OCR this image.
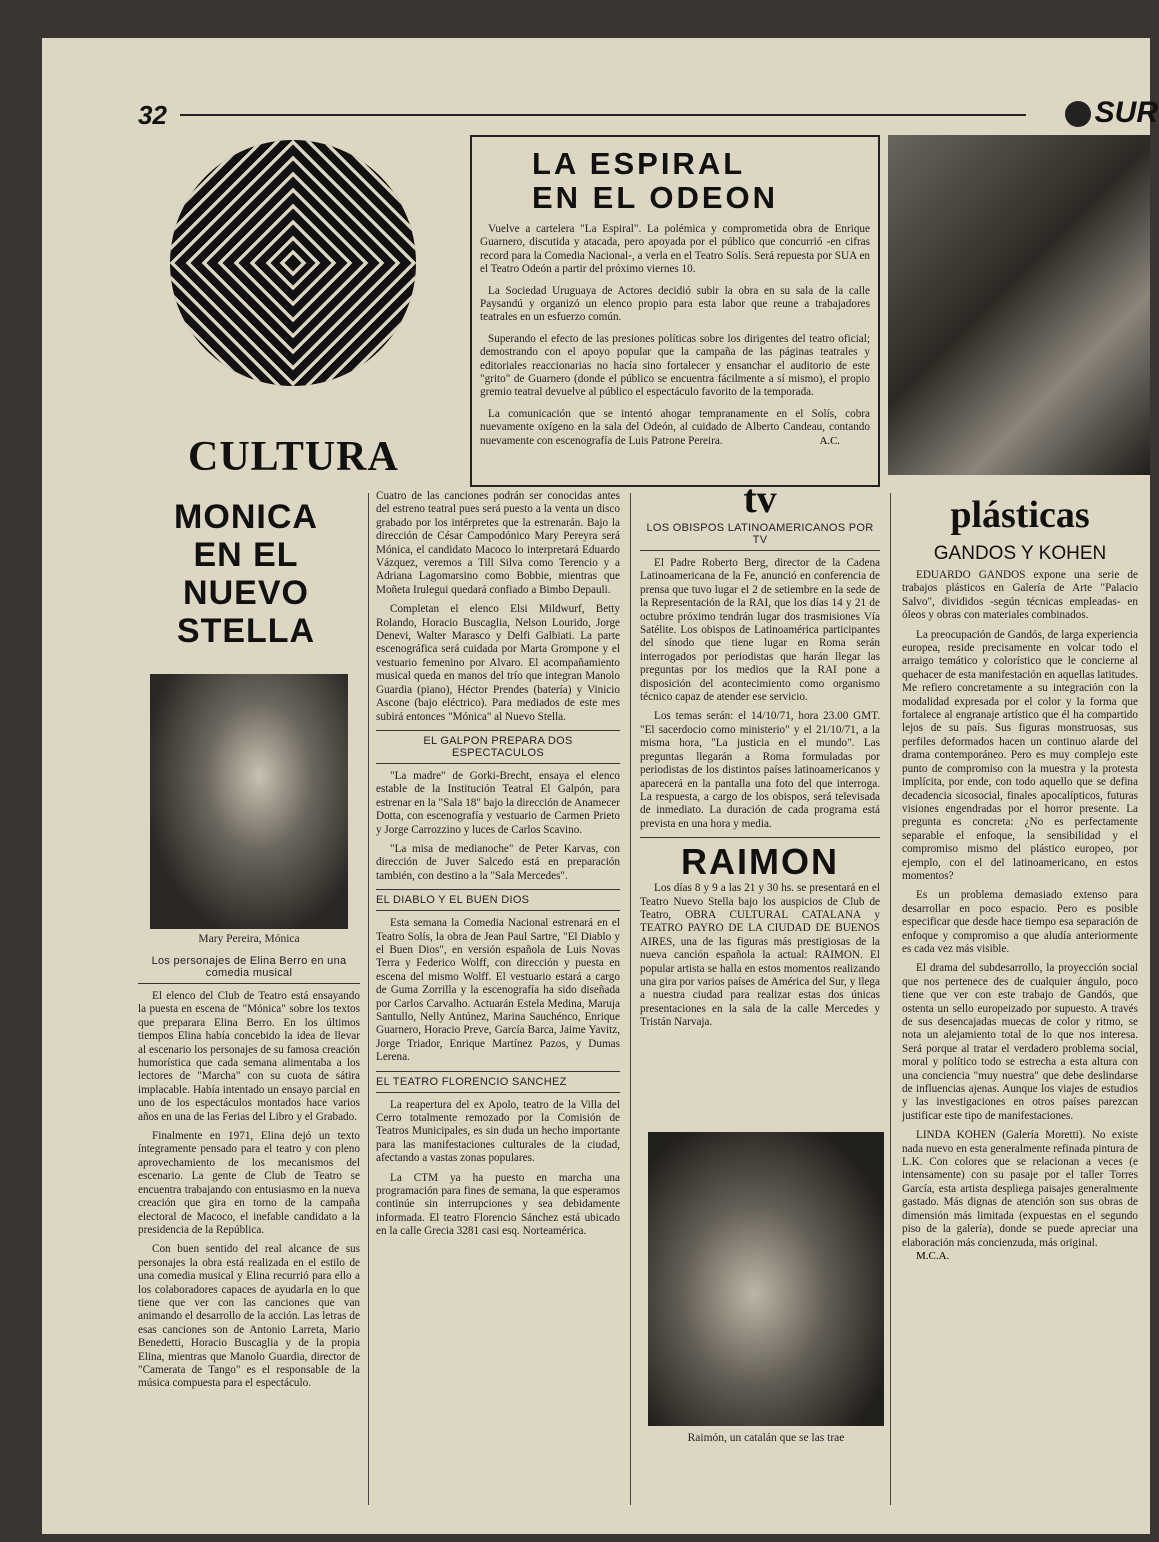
32	SUR
CULTURA
LA ESPIRAL
EN EL ODEON

Vuelve a cartelera "La Espiral". La polémica y comprometida obra de Enrique Guarnero, discutida y atacada, pero apoyada por el público que concurrió -en cifras record para la Comedia Nacional-, a verla en el Teatro Solís. Será repuesta por SUA en el Teatro Odeón a partir del próximo viernes 10.

La Sociedad Uruguaya de Actores decidió subir la obra en su sala de la calle Paysandú y organizó un elenco propio para esta labor que reune a trabajadores teatrales en un esfuerzo común.

Superando el efecto de las presiones políticas sobre los dirigentes del teatro oficial; demostrando con el apoyo popular que la campaña de las páginas teatrales y editoriales reaccionarias no hacía sino fortalecer y ensanchar el auditorio de este "grito" de Guarnero (donde el público se encuentra fácilmente a sí mismo), el propio gremio teatral devuelve al público el espectáculo favorito de la temporada.

La comunicación que se intentó ahogar tempranamente en el Solís, cobra nuevamente oxígeno en la sala del Odeón, al cuidado de Alberto Candeau, contando nuevamente con escenografía de Luis Patrone Pereira.	A.C.
MONICA
EN EL
NUEVO
STELLA
Mary Pereira, Mónica
Los personajes de Elina Berro en una comedia musical

El elenco del Club de Teatro está ensayando la puesta en escena de "Mónica" sobre los textos que preparara Elina Berro. En los últimos tiempos Elina había concebido la idea de llevar al escenario los personajes de su famosa creación humorística que cada semana alimentaba a los lectores de "Marcha" con su cuota de sátira implacable. Había intentado un ensayo parcial en uno de los espectáculos montados hace varios años en una de las Ferias del Libro y el Grabado.

Finalmente en 1971, Elina dejó un texto íntegramente pensado para el teatro y con pleno aprovechamiento de los mecanismos del escenario. La gente de Club de Teatro se encuentra trabajando con entusiasmo en la nueva creación que gira en torno de la campaña electoral de Macoco, el inefable candidato a la presidencia de la República.

Con buen sentido del real alcance de sus personajes la obra está realizada en el estilo de una comedia musical y Elina recurrió para ello a los colaboradores capaces de ayudarla en lo que tiene que ver con las canciones que van animando el desarrollo de la acción. Las letras de esas canciones son de Antonio Larreta, Mario Benedetti, Horacio Buscaglia y de la propia Elina, mientras que Manolo Guardia, director de "Camerata de Tango" es el responsable de la música compuesta para el espectáculo.

Cuatro de las canciones podrán ser conocidas antes del estreno teatral pues será puesto a la venta un disco grabado por los intérpretes que la estrenarán. Bajo la dirección de César Campodónico Mary Pereyra será Mónica, el candidato Macoco lo interpretará Eduardo Vázquez, veremos a Till Silva como Terencio y a Adriana Lagomarsino como Bobbie, mientras que Moñeta Irulegui quedará confiado a Bimbo Depauli.

Completan el elenco Elsi Mildwurf, Betty Rolando, Horacio Buscaglia, Nelson Lourido, Jorge Denevi, Walter Marasco y Delfi Galbiati. La parte escenográfica será cuidada por Marta Grompone y el vestuario femenino por Alvaro. El acompañamiento musical queda en manos del trío que integran Manolo Guardia (piano), Héctor Prendes (batería) y Vinicio Ascone (bajo eléctrico). Para mediados de este mes subirá entonces "Mónica" al Nuevo Stella.

EL GALPON PREPARA DOS ESPECTACULOS

"La madre" de Gorki-Brecht, ensaya el elenco estable de la Institución Teatral El Galpón, para estrenar en la "Sala 18" bajo la dirección de Anamecer Dotta, con escenografía y vestuario de Carmen Prieto y Jorge Carrozzino y luces de Carlos Scavino.

"La misa de medianoche" de Peter Karvas, con dirección de Juver Salcedo está en preparación también, con destino a la "Sala Mercedes".

EL DIABLO Y EL BUEN DIOS

Esta semana la Comedia Nacional estrenará en el Teatro Solís, la obra de Jean Paul Sartre, "El Diablo y el Buen Dios", en versión española de Luis Novas Terra y Federico Wolff, con dirección y puesta en escena del mismo Wolff. El vestuario estará a cargo de Guma Zorrilla y la escenografía ha sido diseñada por Carlos Carvalho. Actuarán Estela Medina, Maruja Santullo, Nelly Antúnez, Marina Sauchénco, Enrique Guarnero, Horacio Preve, García Barca, Jaime Yavitz, Jorge Triador, Enrique Martínez Pazos, y Dumas Lerena.

EL TEATRO FLORENCIO SANCHEZ

La reapertura del ex Apolo, teatro de la Villa del Cerro totalmente remozado por la Comisión de Teatros Municipales, es sin duda un hecho importante para las manifestaciones culturales de la ciudad, afectando a vastas zonas populares.

La CTM ya ha puesto en marcha una programación para fines de semana, la que esperamos continúe sin interrupciones y sea debidamente informada. El teatro Florencio Sánchez está ubicado en la calle Grecia 3281 casi esq. Norteamérica.

tv
LOS OBISPOS LATINOAMERICANOS POR TV

El Padre Roberto Berg, director de la Cadena Latinoamericana de la Fe, anunció en conferencia de prensa que tuvo lugar el 2 de setiembre en la sede de la Representación de la RAI, que los días 14 y 21 de octubre próximo tendrán lugar dos trasmisiones Vía Satélite. Los obispos de Latinoamérica participantes del sínodo que tiene lugar en Roma serán interrogados por periodistas que harán llegar las preguntas por los medios que la RAI pone a disposición del acontecimiento como organismo técnico capaz de atender ese servicio.

Los temas serán: el 14/10/71, hora 23.00 GMT. "El sacerdocio como ministerio" y el 21/10/71, a la misma hora, "La justicia en el mundo". Las preguntas llegarán a Roma formuladas por periodistas de los distintos países latinoamericanos y aparecerá en la pantalla una foto del que interroga. La respuesta, a cargo de los obispos, será televisada de inmediato. La duración de cada programa está prevista en una hora y media.

RAIMON

Los días 8 y 9 a las 21 y 30 hs. se presentará en el Teatro Nuevo Stella bajo los auspicios de Club de Teatro, OBRA CULTURAL CATALANA y TEATRO PAYRO DE LA CIUDAD DE BUENOS AIRES, una de las figuras más prestigiosas de la nueva canción española la actual: RAIMON. El popular artista se halla en estos momentos realizando una gira por varios países de América del Sur, y llega a nuestra ciudad para realizar estas dos únicas presentaciones en la sala de la calle Mercedes y Tristán Narvaja.

Raimón, un catalán que se las trae
plásticas
GANDOS Y KOHEN

EDUARDO GANDOS expone una serie de trabajos plásticos en Galería de Arte "Palacio Salvo", divididos -según técnicas empleadas- en óleos y obras con materiales combinados.

La preocupación de Gandós, de larga experiencia europea, reside precisamente en volcar todo el arraigo temático y colorístico que le concierne al quehacer de esta manifestación en aquellas latitudes. Me refiero concretamente a su integración con la modalidad expresada por el color y la forma que fortalece al engranaje artístico que él ha compartido lejos de su país. Sus figuras monstruosas, sus perfiles deformados hacen un continuo alarde del drama contemporáneo. Pero es muy complejo este punto de compromiso con la muestra y la protesta implícita, por ende, con todo aquello que se defina decadencia sicosocial, finales apocalípticos, futuras visiones engendradas por el horror presente. La pregunta es concreta: ¿No es perfectamente separable el enfoque, la sensibilidad y el compromiso mismo del plástico europeo, por ejemplo, con el del latinoamericano, en estos momentos?

Es un problema demasiado extenso para desarrollar en poco espacio. Pero es posible especificar que desde hace tiempo esa separación de enfoque y compromiso a que aludía anteriormente es cada vez más visible.

El drama del subdesarrollo, la proyección social que nos pertenece des de cualquier ángulo, poco tiene que ver con este trabajo de Gandós, que ostenta un sello europeizado por supuesto. A través de sus desencajadas muecas de color y ritmo, se nota un alejamiento total de lo que nos interesa. Será porque al tratar el verdadero problema social, moral y político todo se estrecha a esta altura con una conciencia "muy nuestra" que debe deslindarse de influencias ajenas. Aunque los viajes de estudios y las investigaciones en otros países parezcan justificar este tipo de manifestaciones.

LINDA KOHEN (Galería Moretti). No existe nada nuevo en esta generalmente refinada pintura de L.K. Con colores que se relacionan a veces (e intensamente) con su pasaje por el taller Torres García, esta artista despliega paisajes generalmente gastado. Más dignas de atención son sus obras de dimensión más limitada (expuestas en el segundo piso de la galería), donde se puede apreciar una elaboración más concienzuda, más original.

M.C.A.
